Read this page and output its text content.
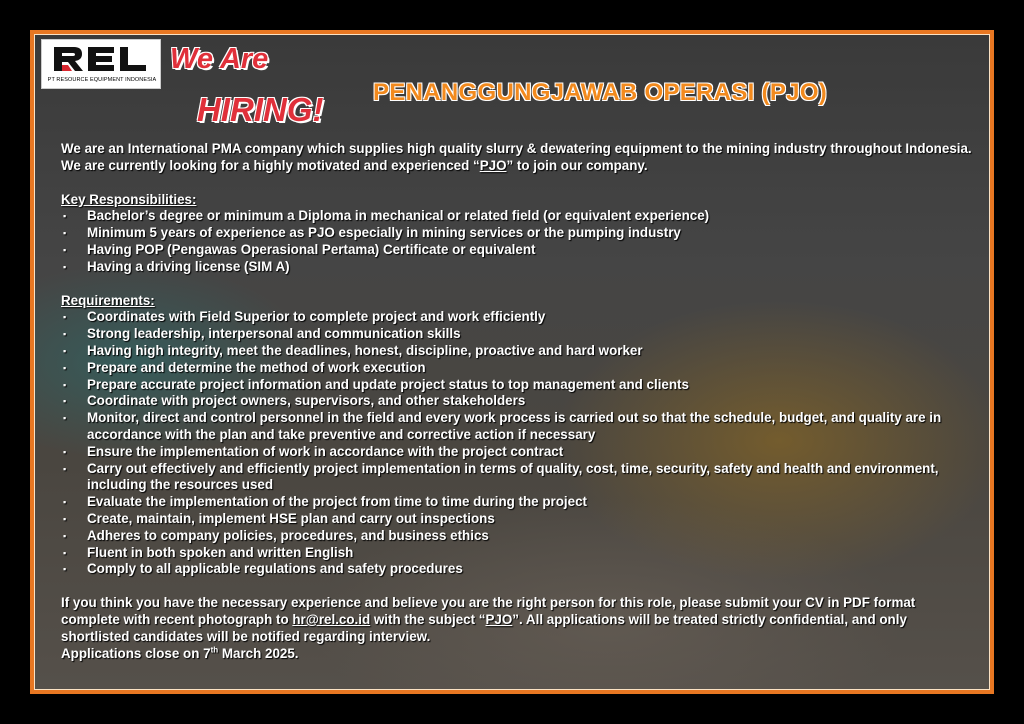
PT RESOURCE EQUIPMENT INDONESIA
We Are
HIRING! PENANGGUNGJAWAB OPERASI (PJO)

We are an International PMA company which supplies high quality slurry & dewatering equipment to the mining industry throughout Indonesia. We are currently looking for a highly motivated and experienced “PJO” to join our company.

Key Responsibilities:

▪ Bachelor’s degree or minimum a Diploma in mechanical or related field (or equivalent experience)
▪ Minimum 5 years of experience as PJO especially in mining services or the pumping industry
▪ Having POP (Pengawas Operasional Pertama) Certificate or equivalent
▪ Having a driving license (SIM A)

Requirements:

▪ Coordinates with Field Superior to complete project and work efficiently
▪ Strong leadership, interpersonal and communication skills
▪ Having high integrity, meet the deadlines, honest, discipline, proactive and hard worker
▪ Prepare and determine the method of work execution
▪ Prepare accurate project information and update project status to top management and clients
▪ Coordinate with project owners, supervisors, and other stakeholders
▪ Monitor, direct and control personnel in the field and every work process is carried out so that the schedule, budget, and quality are in accordance with the plan and take preventive and corrective action if necessary
▪ Ensure the implementation of work in accordance with the project contract
▪ Carry out effectively and efficiently project implementation in terms of quality, cost, time, security, safety and health and environment, including the resources used
▪ Evaluate the implementation of the project from time to time during the project
▪ Create, maintain, implement HSE plan and carry out inspections
▪ Adheres to company policies, procedures, and business ethics
▪ Fluent in both spoken and written English
▪ Comply to all applicable regulations and safety procedures

If you think you have the necessary experience and believe you are the right person for this role, please submit your CV in PDF format complete with recent photograph to hr@rel.co.id with the subject “PJO”. All applications will be treated strictly confidential, and only shortlisted candidates will be notified regarding interview.

Applications close on 7th March 2025.
